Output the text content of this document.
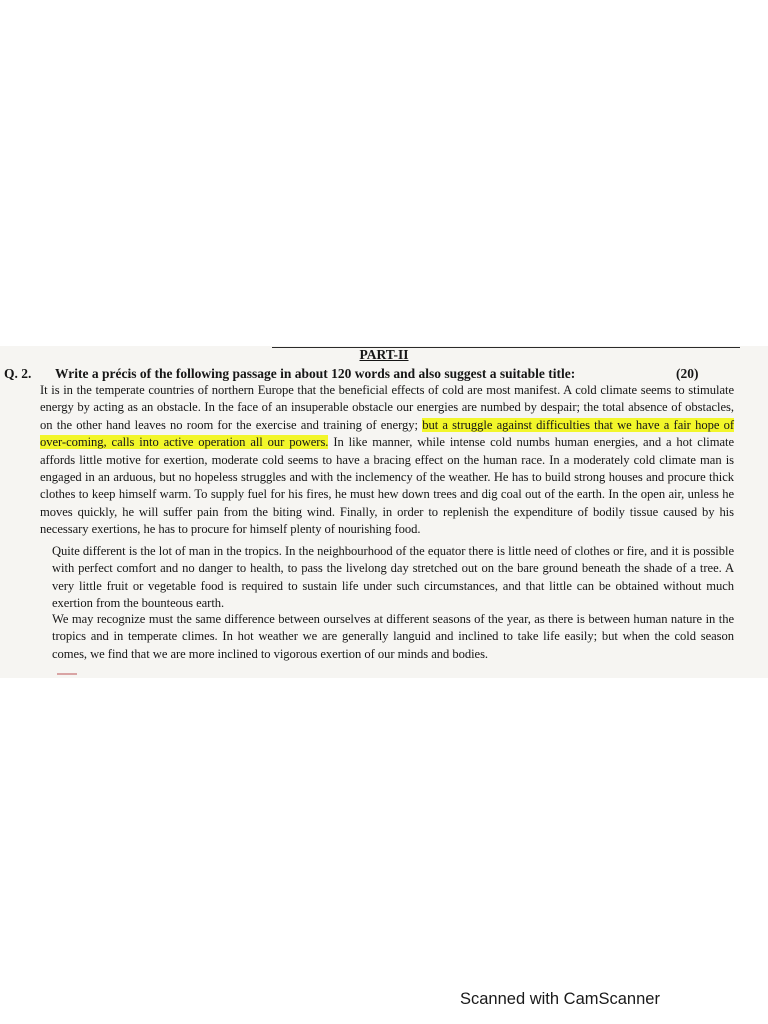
PART-II
Q. 2. Write a précis of the following passage in about 120 words and also suggest a suitable title:	(20)
It is in the temperate countries of northern Europe that the beneficial effects of cold are most manifest. A cold climate seems to stimulate energy by acting as an obstacle. In the face of an insuperable obstacle our energies are numbed by despair; the total absence of obstacles, on the other hand leaves no room for the exercise and training of energy; but a struggle against difficulties that we have a fair hope of over-coming, calls into active operation all our powers. In like manner, while intense cold numbs human energies, and a hot climate affords little motive for exertion, moderate cold seems to have a bracing effect on the human race. In a moderately cold climate man is engaged in an arduous, but no hopeless struggles and with the inclemency of the weather. He has to build strong houses and procure thick clothes to keep himself warm. To supply fuel for his fires, he must hew down trees and dig coal out of the earth. In the open air, unless he moves quickly, he will suffer pain from the biting wind. Finally, in order to replenish the expenditure of bodily tissue caused by his necessary exertions, he has to procure for himself plenty of nourishing food.
Quite different is the lot of man in the tropics. In the neighbourhood of the equator there is little need of clothes or fire, and it is possible with perfect comfort and no danger to health, to pass the livelong day stretched out on the bare ground beneath the shade of a tree. A very little fruit or vegetable food is required to sustain life under such circumstances, and that little can be obtained without much exertion from the bounteous earth.
We may recognize must the same difference between ourselves at different seasons of the year, as there is between human nature in the tropics and in temperate climes. In hot weather we are generally languid and inclined to take life easily; but when the cold season comes, we find that we are more inclined to vigorous exertion of our minds and bodies.
Scanned with CamScanner
